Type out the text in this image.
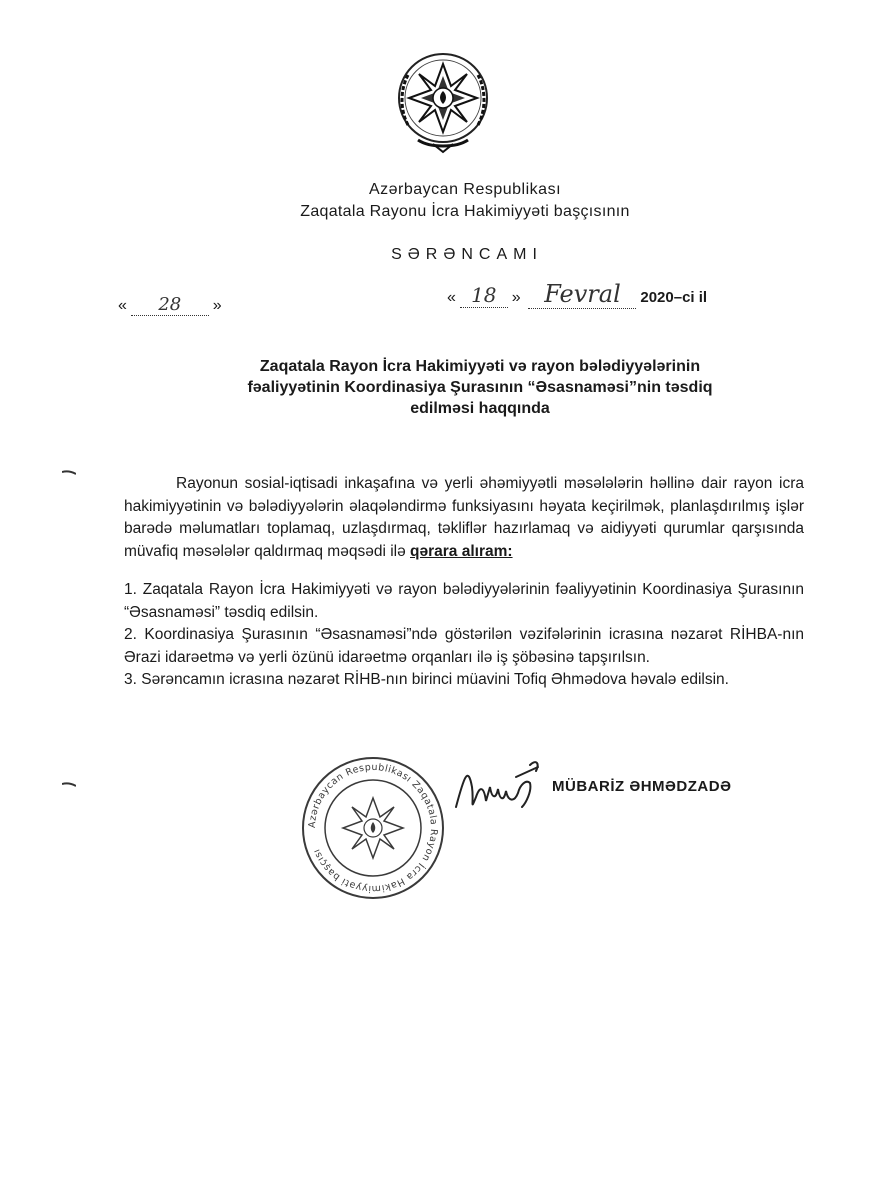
Azərbaycan Respublikası
Zaqatala Rayonu İcra Hakimiyyəti başçısının
SƏRƏNCAMI
« 28 »	« 18 » Fevral 2020–ci il
Zaqatala Rayon İcra Hakimiyyəti və rayon bələdiyyələrinin
fəaliyyətinin Koordinasiya Şurasının “Əsasnaməsi”nin təsdiq
edilməsi haqqında

Rayonun sosial-iqtisadi inkaşafına və yerli əhəmiyyətli məsələlərin həllinə dair rayon icra hakimiyyətinin və bələdiyyələrin əlaqələndirmə funksiyasını həyata keçirilmək, planlaşdırılmış işlər barədə məlumatları toplamaq, uzlaşdırmaq, təkliflər hazırlamaq və aidiyyəti qurumlar qarşısında müvafiq məsələlər qaldırmaq məqsədi ilə qərara alıram:

1. Zaqatala Rayon İcra Hakimiyyəti və rayon bələdiyyələrinin fəaliyyətinin Koordinasiya Şurasının “Əsasnaməsi” təsdiq edilsin.

2. Koordinasiya Şurasının “Əsasnaməsi”ndə göstərilən vəzifələrinin icrasına nəzarət RİHBA-nın Ərazi idarəetmə və yerli özünü idarəetmə orqanları ilə iş şöbəsinə tapşırılsın.

3. Sərəncamın icrasına nəzarət RİHB-nın birinci müavini Tofiq Əhmədova həvalə edilsin.

Azərbaycan Respublikası Zaqatala Rayon İcra Hakimiyyəti başçısı
MÜBARİZ ƏHMƏDZADƏ
